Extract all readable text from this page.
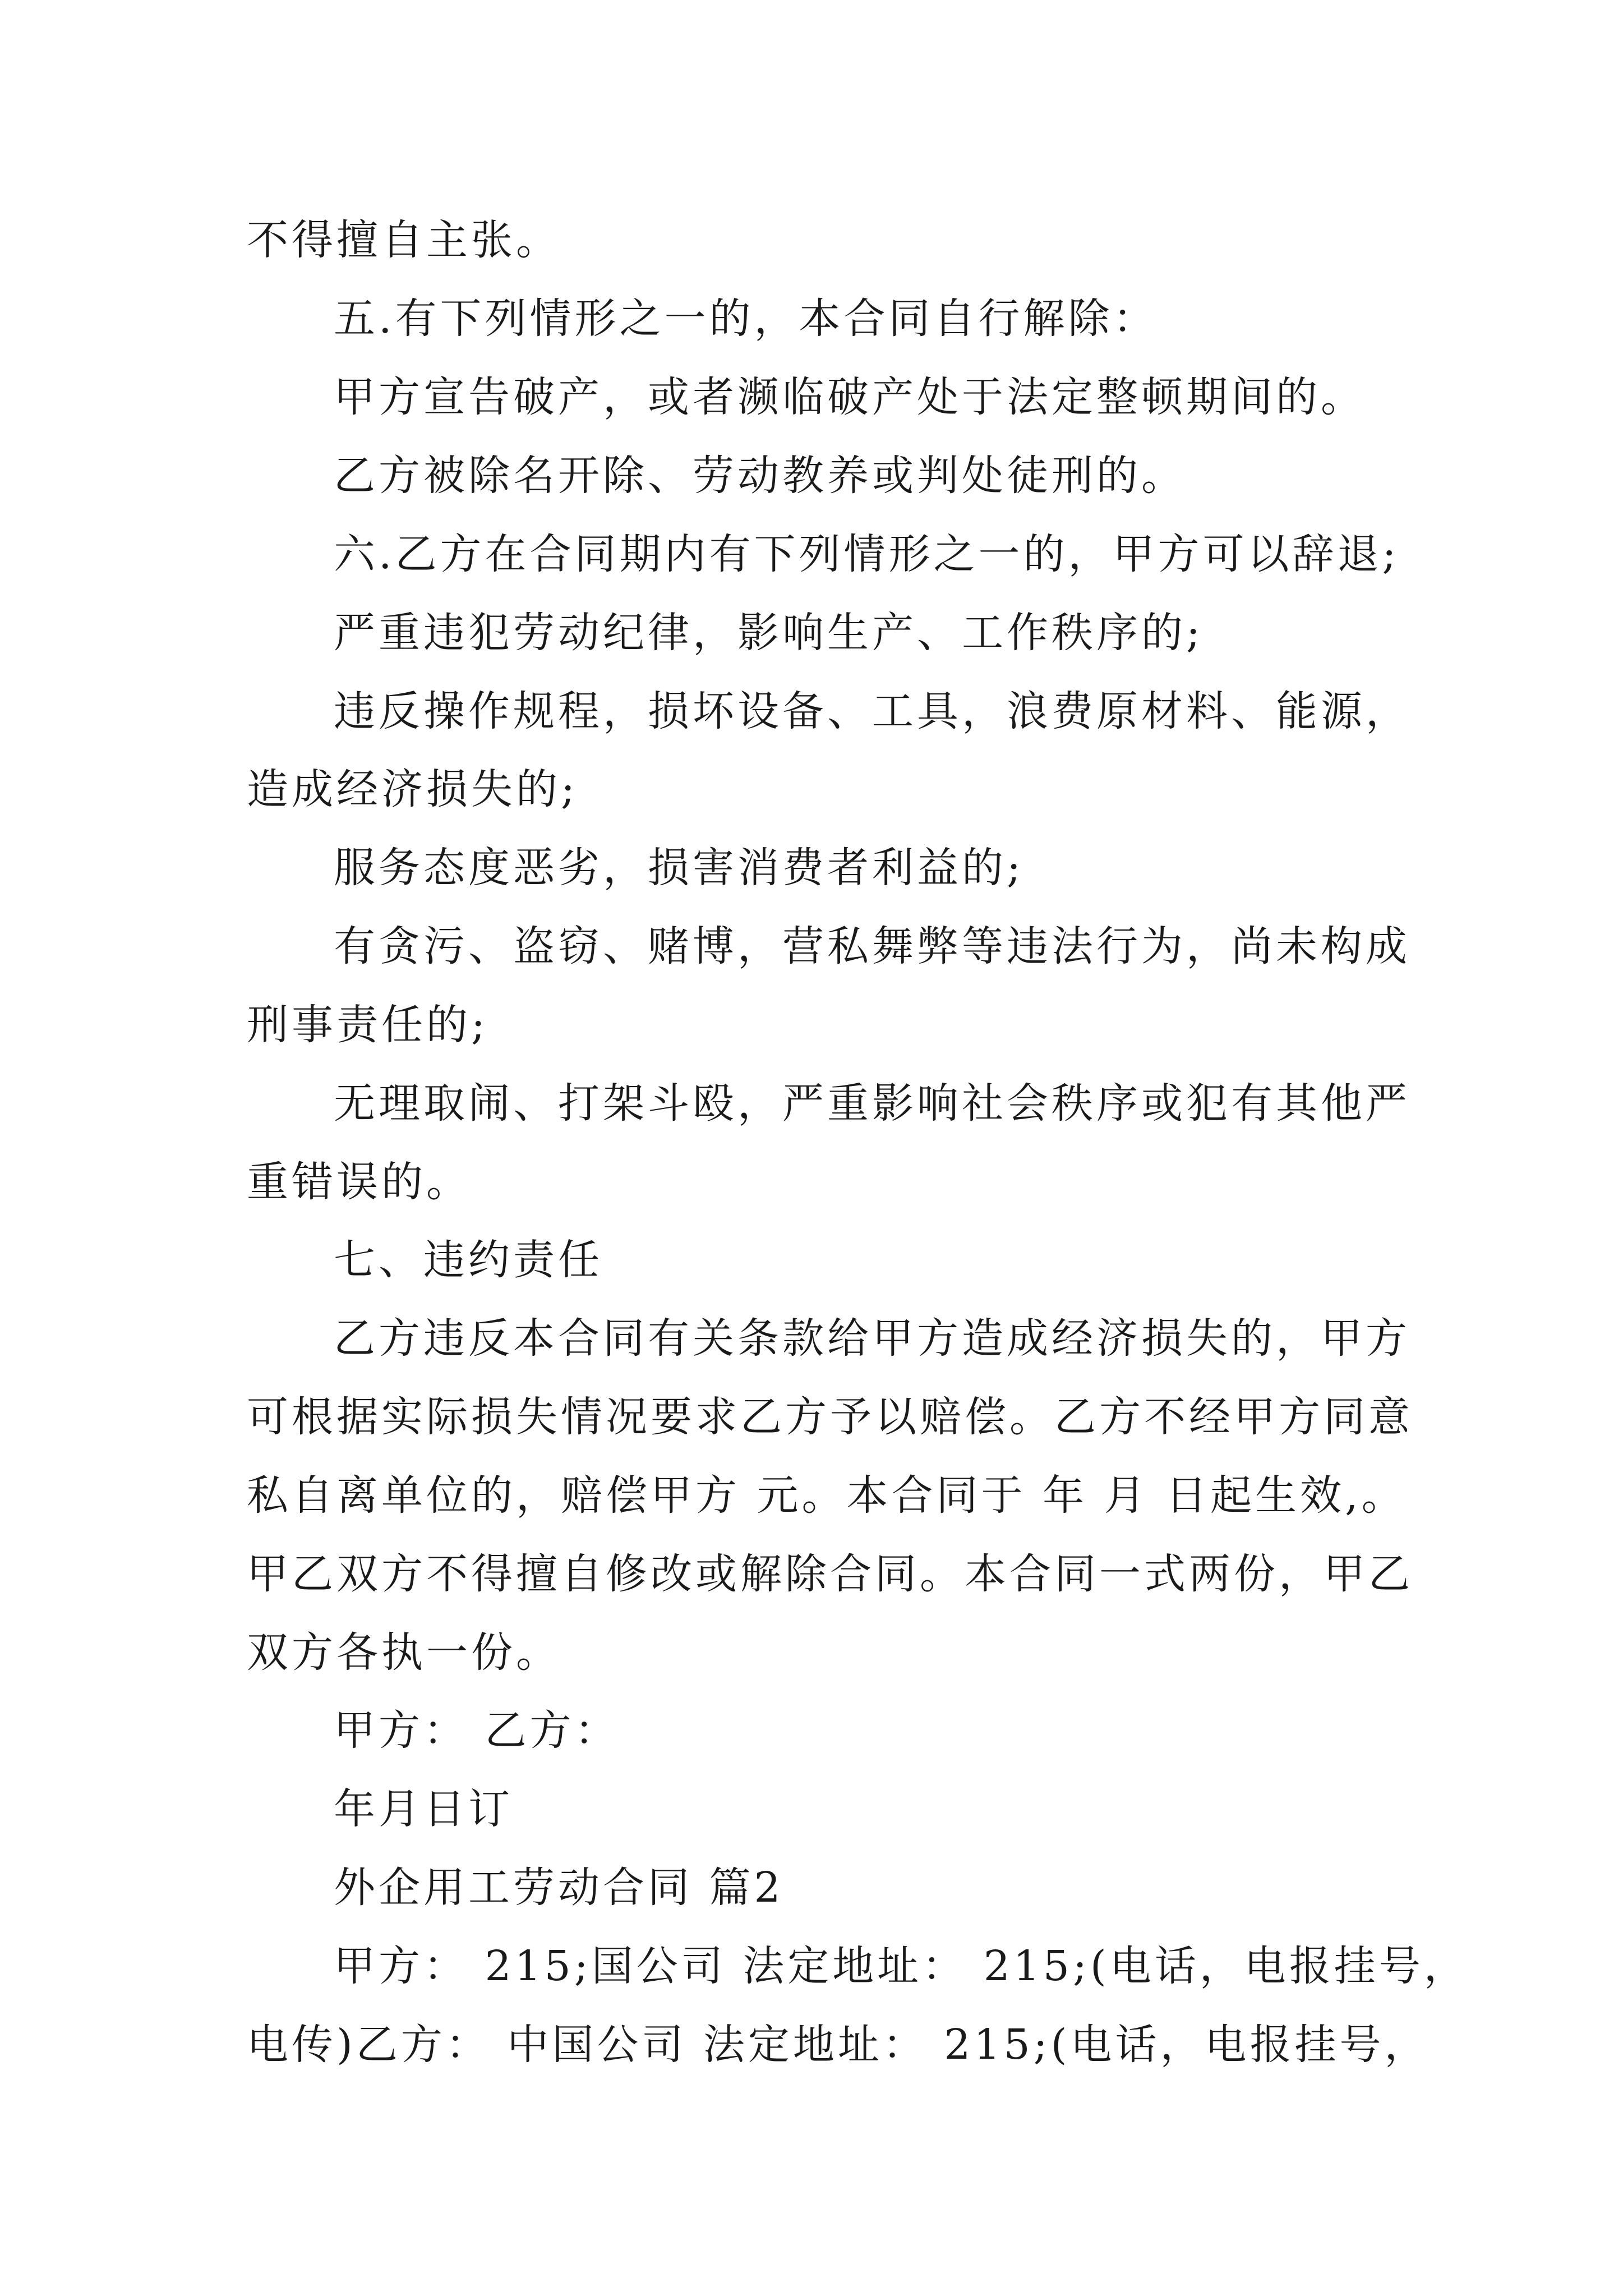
不得擅自主张。
五.有下列情形之一的，本合同自行解除：
甲方宣告破产，或者濒临破产处于法定整顿期间的。
乙方被除名开除、劳动教养或判处徒刑的。
六.乙方在合同期内有下列情形之一的，甲方可以辞退;
严重违犯劳动纪律，影响生产、工作秩序的;
违反操作规程，损坏设备、工具，浪费原材料、能源，
造成经济损失的;
服务态度恶劣，损害消费者利益的;
有贪污、盗窃、赌博，营私舞弊等违法行为，尚未构成
刑事责任的;
无理取闹、打架斗殴，严重影响社会秩序或犯有其他严
重错误的。
七、违约责任
乙方违反本合同有关条款给甲方造成经济损失的，甲方
可根据实际损失情况要求乙方予以赔偿。乙方不经甲方同意
私自离单位的，赔偿甲方 元。本合同于 年 月 日起生效,。
甲乙双方不得擅自修改或解除合同。本合同一式两份，甲乙
双方各执一份。
甲方： 乙方：
年月日订
外企用工劳动合同 篇2
甲方： 215;国公司 法定地址： 215;(电话，电报挂号，
电传)乙方： 中国公司 法定地址： 215;(电话，电报挂号，
